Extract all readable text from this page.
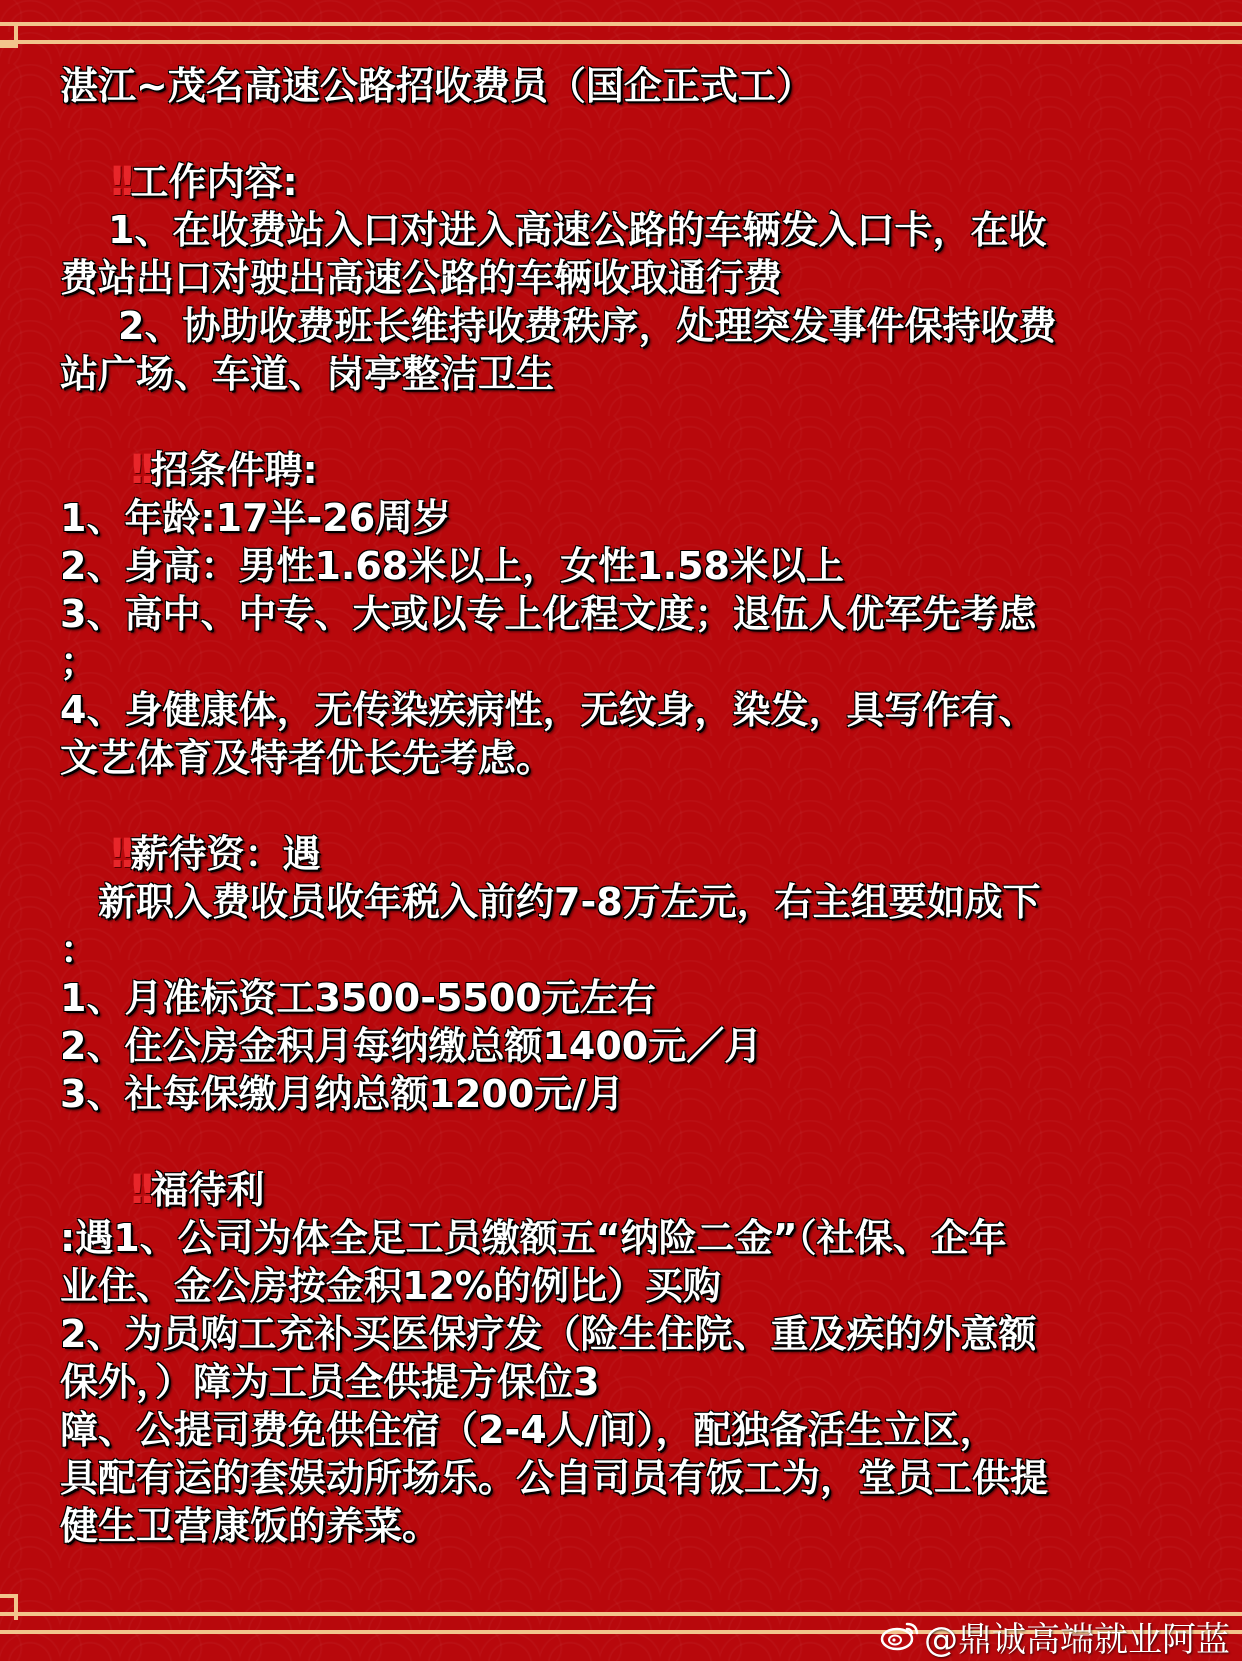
湛江~茂名高速公路招收费员（国企正式工）
!! 工作内容:
1、在收费站入口对进入高速公路的车辆发入口卡，在收
费站出口对驶出高速公路的车辆收取通行费
2、协助收费班长维持收费秩序，处理突发事件保持收费
站广场、车道、岗亭整洁卫生
!! 招条件聘:
1、年龄:17半-26周岁
2、身高：男性1.68米以上，女性1.58米以上
3、高中、中专、大或以专上化程文度；退伍人优军先考虑
；
4、身健康体，无传染疾病性，无纹身，染发，具写作有、
文艺体育及特者优长先考虑。
!! 薪待资：遇
新职入费收员收年税入前约7-8万左元，右主组要如成下
：
1、月准标资工3500-5500元左右
2、住公房金积月每纳缴总额1400元／月
3、社每保缴月纳总额1200元/月
!! 福待利
:遇1、公司为体全足工员缴额五“纳险二金”（社保、企年
业住、金公房按金积12%的例比）买购
2、为员购工充补买医保疗发（险生住院、重及疾的外意额
保外，）障为工员全供提方保位3
障、公提司费免供住宿（2-4人/间），配独备活生立区，
具配有运的套娱动所场乐。公自司员有饭工为，堂员工供提
健生卫营康饭的养菜。
@鼎诚高端就业阿蓝
